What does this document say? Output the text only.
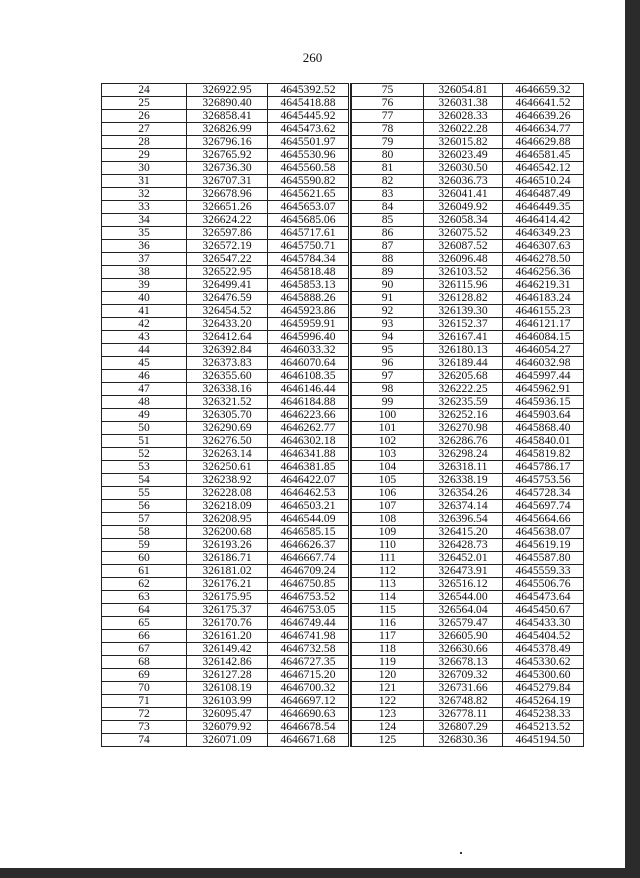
260
24	326922.95	4645392.52
25	326890.40	4645418.88
26	326858.41	4645445.92
27	326826.99	4645473.62
28	326796.16	4645501.97
29	326765.92	4645530.96
30	326736.30	4645560.58
31	326707.31	4645590.82
32	326678.96	4645621.65
33	326651.26	4645653.07
34	326624.22	4645685.06
35	326597.86	4645717.61
36	326572.19	4645750.71
37	326547.22	4645784.34
38	326522.95	4645818.48
39	326499.41	4645853.13
40	326476.59	4645888.26
41	326454.52	4645923.86
42	326433.20	4645959.91
43	326412.64	4645996.40
44	326392.84	4646033.32
45	326373.83	4646070.64
46	326355.60	4646108.35
47	326338.16	4646146.44
48	326321.52	4646184.88
49	326305.70	4646223.66
50	326290.69	4646262.77
51	326276.50	4646302.18
52	326263.14	4646341.88
53	326250.61	4646381.85
54	326238.92	4646422.07
55	326228.08	4646462.53
56	326218.09	4646503.21
57	326208.95	4646544.09
58	326200.68	4646585.15
59	326193.26	4646626.37
60	326186.71	4646667.74
61	326181.02	4646709.24
62	326176.21	4646750.85
63	326175.95	4646753.52
64	326175.37	4646753.05
65	326170.76	4646749.44
66	326161.20	4646741.98
67	326149.42	4646732.58
68	326142.86	4646727.35
69	326127.28	4646715.20
70	326108.19	4646700.32
71	326103.99	4646697.12
72	326095.47	4646690.63
73	326079.92	4646678.54
74	326071.09	4646671.68
75	326054.81	4646659.32
76	326031.38	4646641.52
77	326028.33	4646639.26
78	326022.28	4646634.77
79	326015.82	4646629.88
80	326023.49	4646581.45
81	326030.50	4646542.12
82	326036.73	4646510.24
83	326041.41	4646487.49
84	326049.92	4646449.35
85	326058.34	4646414.42
86	326075.52	4646349.23
87	326087.52	4646307.63
88	326096.48	4646278.50
89	326103.52	4646256.36
90	326115.96	4646219.31
91	326128.82	4646183.24
92	326139.30	4646155.23
93	326152.37	4646121.17
94	326167.41	4646084.15
95	326180.13	4646054.27
96	326189.44	4646032.98
97	326205.68	4645997.44
98	326222.25	4645962.91
99	326235.59	4645936.15
100	326252.16	4645903.64
101	326270.98	4645868.40
102	326286.76	4645840.01
103	326298.24	4645819.82
104	326318.11	4645786.17
105	326338.19	4645753.56
106	326354.26	4645728.34
107	326374.14	4645697.74
108	326396.54	4645664.66
109	326415.20	4645638.07
110	326428.73	4645619.19
111	326452.01	4645587.80
112	326473.91	4645559.33
113	326516.12	4645506.76
114	326544.00	4645473.64
115	326564.04	4645450.67
116	326579.47	4645433.30
117	326605.90	4645404.52
118	326630.66	4645378.49
119	326678.13	4645330.62
120	326709.32	4645300.60
121	326731.66	4645279.84
122	326748.82	4645264.19
123	326778.11	4645238.33
124	326807.29	4645213.52
125	326830.36	4645194.50
